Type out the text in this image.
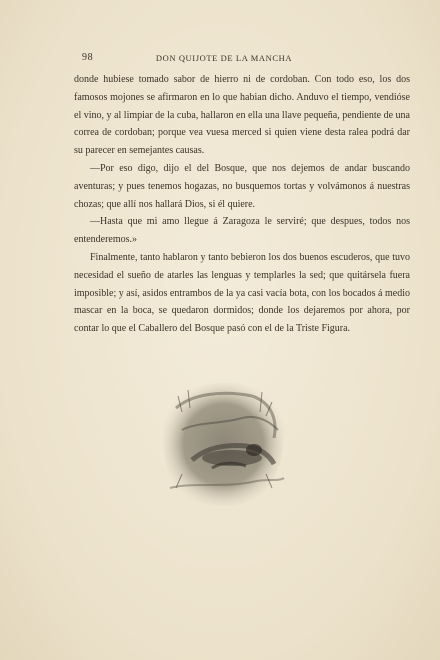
98	DON QUIJOTE DE LA MANCHA

donde hubiese tomado sabor de hierro ni de cordoban. Con todo eso, los dos famosos mojones se afirmaron en lo que habian dicho. Anduvo el tiempo, vendióse el vino, y al limpiar de la cuba, hallaron en ella una llave pequeña, pendiente de una correa de cordoban; porque vea vuesa merced si quien viene desta ralea podrá dar su parecer en semejantes causas.

—Por eso digo, dijo el del Bosque, que nos dejemos de andar buscando aventuras; y pues tenemos hogazas, no busquemos tortas y volvámonos á nuestras chozas; que allí nos hallará Dios, si él quiere.

—Hasta que mi amo llegue á Zaragoza le serviré; que despues, todos nos entenderemos.»

Finalmente, tanto hablaron y tanto bebieron los dos buenos escuderos, que tuvo necesidad el sueño de atarles las lenguas y templarles la sed; que quitársela fuera imposible; y así, asidos entrambos de la ya casi vacía bota, con los bocados á medio mascar en la boca, se quedaron dormidos; donde los dejaremos por ahora, por contar lo que el Caballero del Bosque pasó con el de la Triste Figura.
